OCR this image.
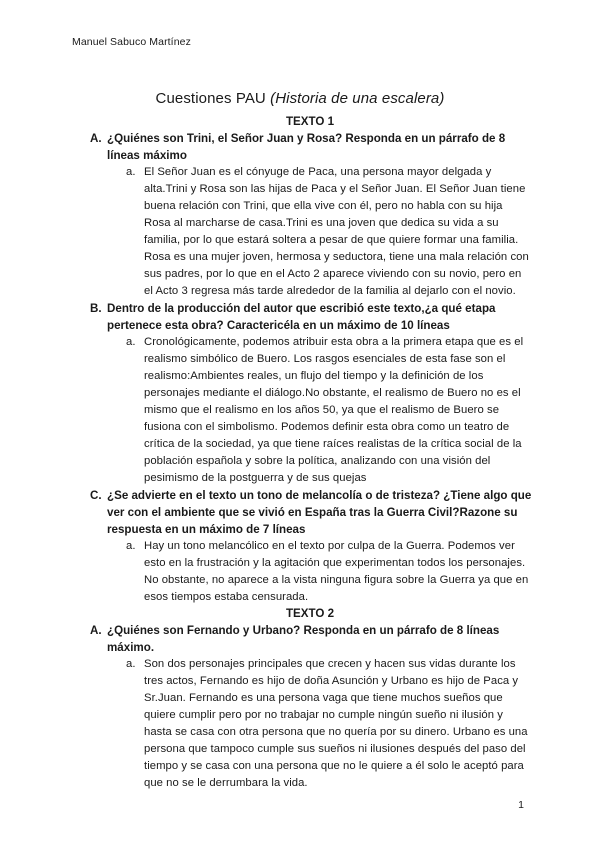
Manuel Sabuco Martínez
Cuestiones PAU (Historia de una escalera)
TEXTO 1
A. ¿Quiénes son Trini, el Señor Juan y Rosa? Responda en un párrafo de 8 líneas máximo
a. El Señor Juan es el cónyuge de Paca, una persona mayor delgada y alta.Trini y Rosa son las hijas de Paca y el Señor Juan. El Señor Juan tiene buena relación con Trini, que ella vive con él, pero no habla con su hija Rosa al marcharse de casa.Trini es una joven que dedica su vida a su familia, por lo que estará soltera a pesar de que quiere formar una familia. Rosa es una mujer joven, hermosa y seductora, tiene una mala relación con sus padres, por lo que en el Acto 2 aparece viviendo con su novio, pero en el Acto 3 regresa más tarde alrededor de la familia al dejarlo con el novio.
B. Dentro de la producción del autor que escribió este texto,¿a qué etapa pertenece esta obra? Caractericéla en un máximo de 10 líneas
a. Cronológicamente, podemos atribuir esta obra a la primera etapa que es el realismo simbólico de Buero. Los rasgos esenciales de esta fase son el realismo:Ambientes reales, un flujo del tiempo y la definición de los personajes mediante el diálogo.No obstante, el realismo de Buero no es el mismo que el realismo en los años 50, ya que el realismo de Buero se fusiona con el simbolismo. Podemos definir esta obra como un teatro de crítica de la sociedad, ya que tiene raíces realistas de la crítica social de la población española y sobre la política, analizando con una visión del pesimismo de la postguerra y de sus quejas
C. ¿Se advierte en el texto un tono de melancolía o de tristeza? ¿Tiene algo que ver con el ambiente que se vivió en España tras la Guerra Civil?Razone su respuesta en un máximo de 7 líneas
a. Hay un tono melancólico en el texto por culpa de la Guerra. Podemos ver esto en la frustración y la agitación que experimentan todos los personajes. No obstante, no aparece a la vista ninguna figura sobre la Guerra ya que en esos tiempos estaba censurada.
TEXTO 2
A. ¿Quiénes son Fernando y Urbano? Responda en un párrafo de 8 líneas máximo.
a. Son dos personajes principales que crecen y hacen sus vidas durante los tres actos, Fernando es hijo de doña Asunción y Urbano es hijo de Paca y Sr.Juan. Fernando es una persona vaga que tiene muchos sueños que quiere cumplir pero por no trabajar no cumple ningún sueño ni ilusión y hasta se casa con otra persona que no quería por su dinero. Urbano es una persona que tampoco cumple sus sueños ni ilusiones después del paso del tiempo y se casa con una persona que no le quiere a él solo le aceptó para que no se le derrumbara la vida.
1
